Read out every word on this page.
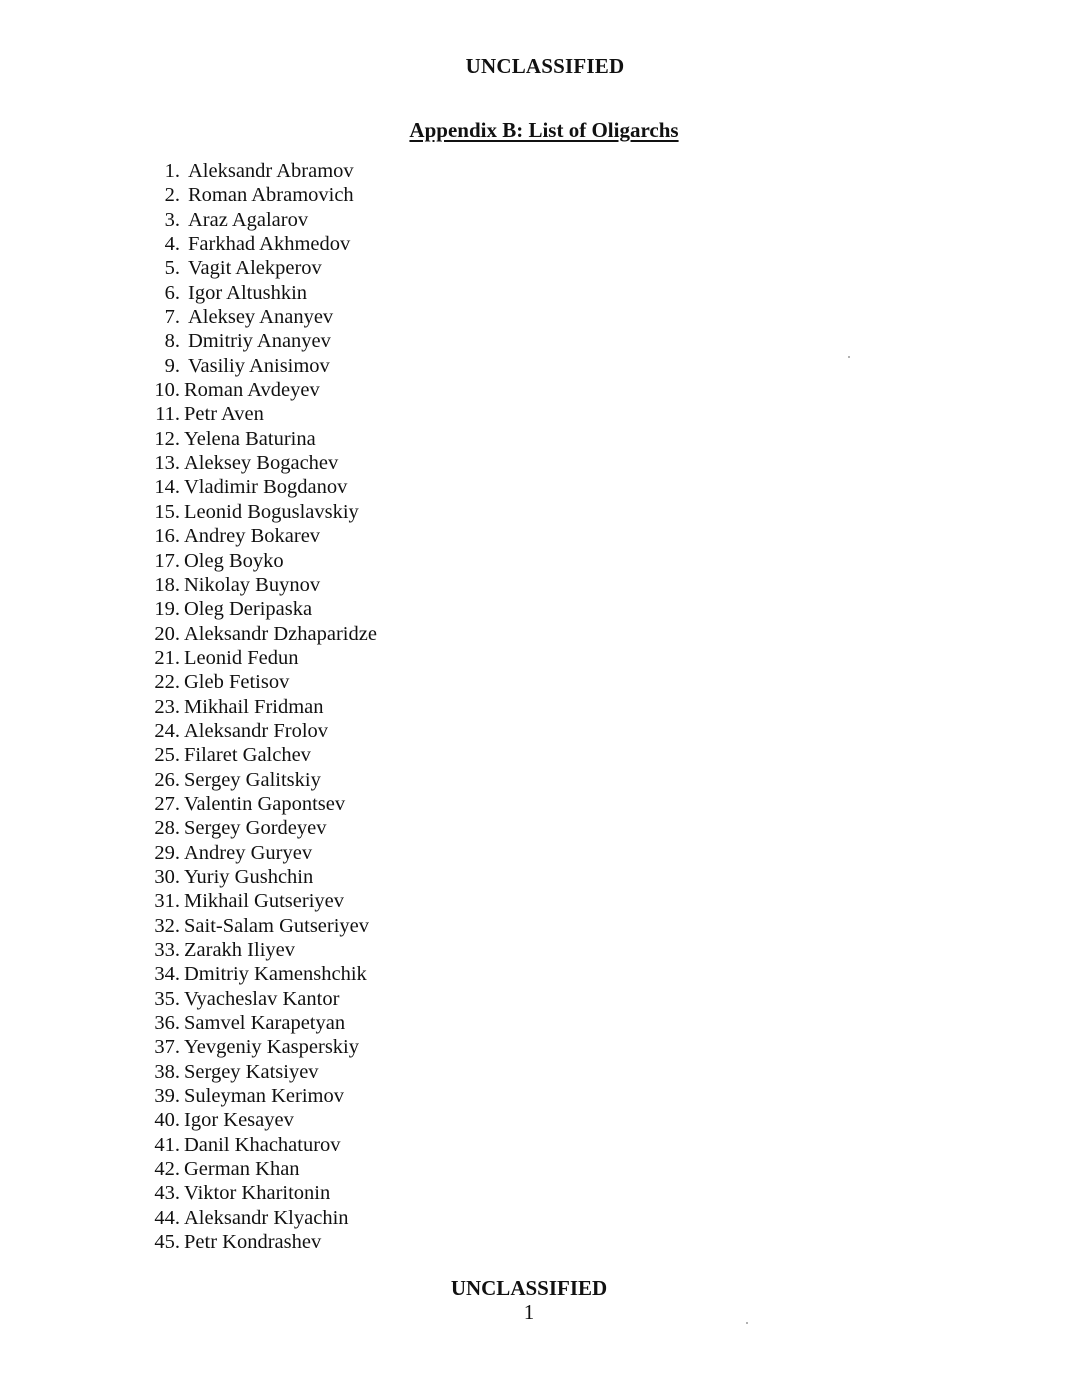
UNCLASSIFIED
Appendix B: List of Oligarchs
1. Aleksandr Abramov
2. Roman Abramovich
3. Araz Agalarov
4. Farkhad Akhmedov
5. Vagit Alekperov
6. Igor Altushkin
7. Aleksey Ananyev
8. Dmitriy Ananyev
9. Vasiliy Anisimov
10. Roman Avdeyev
11. Petr Aven
12. Yelena Baturina
13. Aleksey Bogachev
14. Vladimir Bogdanov
15. Leonid Boguslavskiy
16. Andrey Bokarev
17. Oleg Boyko
18. Nikolay Buynov
19. Oleg Deripaska
20. Aleksandr Dzhaparidze
21. Leonid Fedun
22. Gleb Fetisov
23. Mikhail Fridman
24. Aleksandr Frolov
25. Filaret Galchev
26. Sergey Galitskiy
27. Valentin Gapontsev
28. Sergey Gordeyev
29. Andrey Guryev
30. Yuriy Gushchin
31. Mikhail Gutseriyev
32. Sait-Salam Gutseriyev
33. Zarakh Iliyev
34. Dmitriy Kamenshchik
35. Vyacheslav Kantor
36. Samvel Karapetyan
37. Yevgeniy Kasperskiy
38. Sergey Katsiyev
39. Suleyman Kerimov
40. Igor Kesayev
41. Danil Khachaturov
42. German Khan
43. Viktor Kharitonin
44. Aleksandr Klyachin
45. Petr Kondrashev
UNCLASSIFIED
1
